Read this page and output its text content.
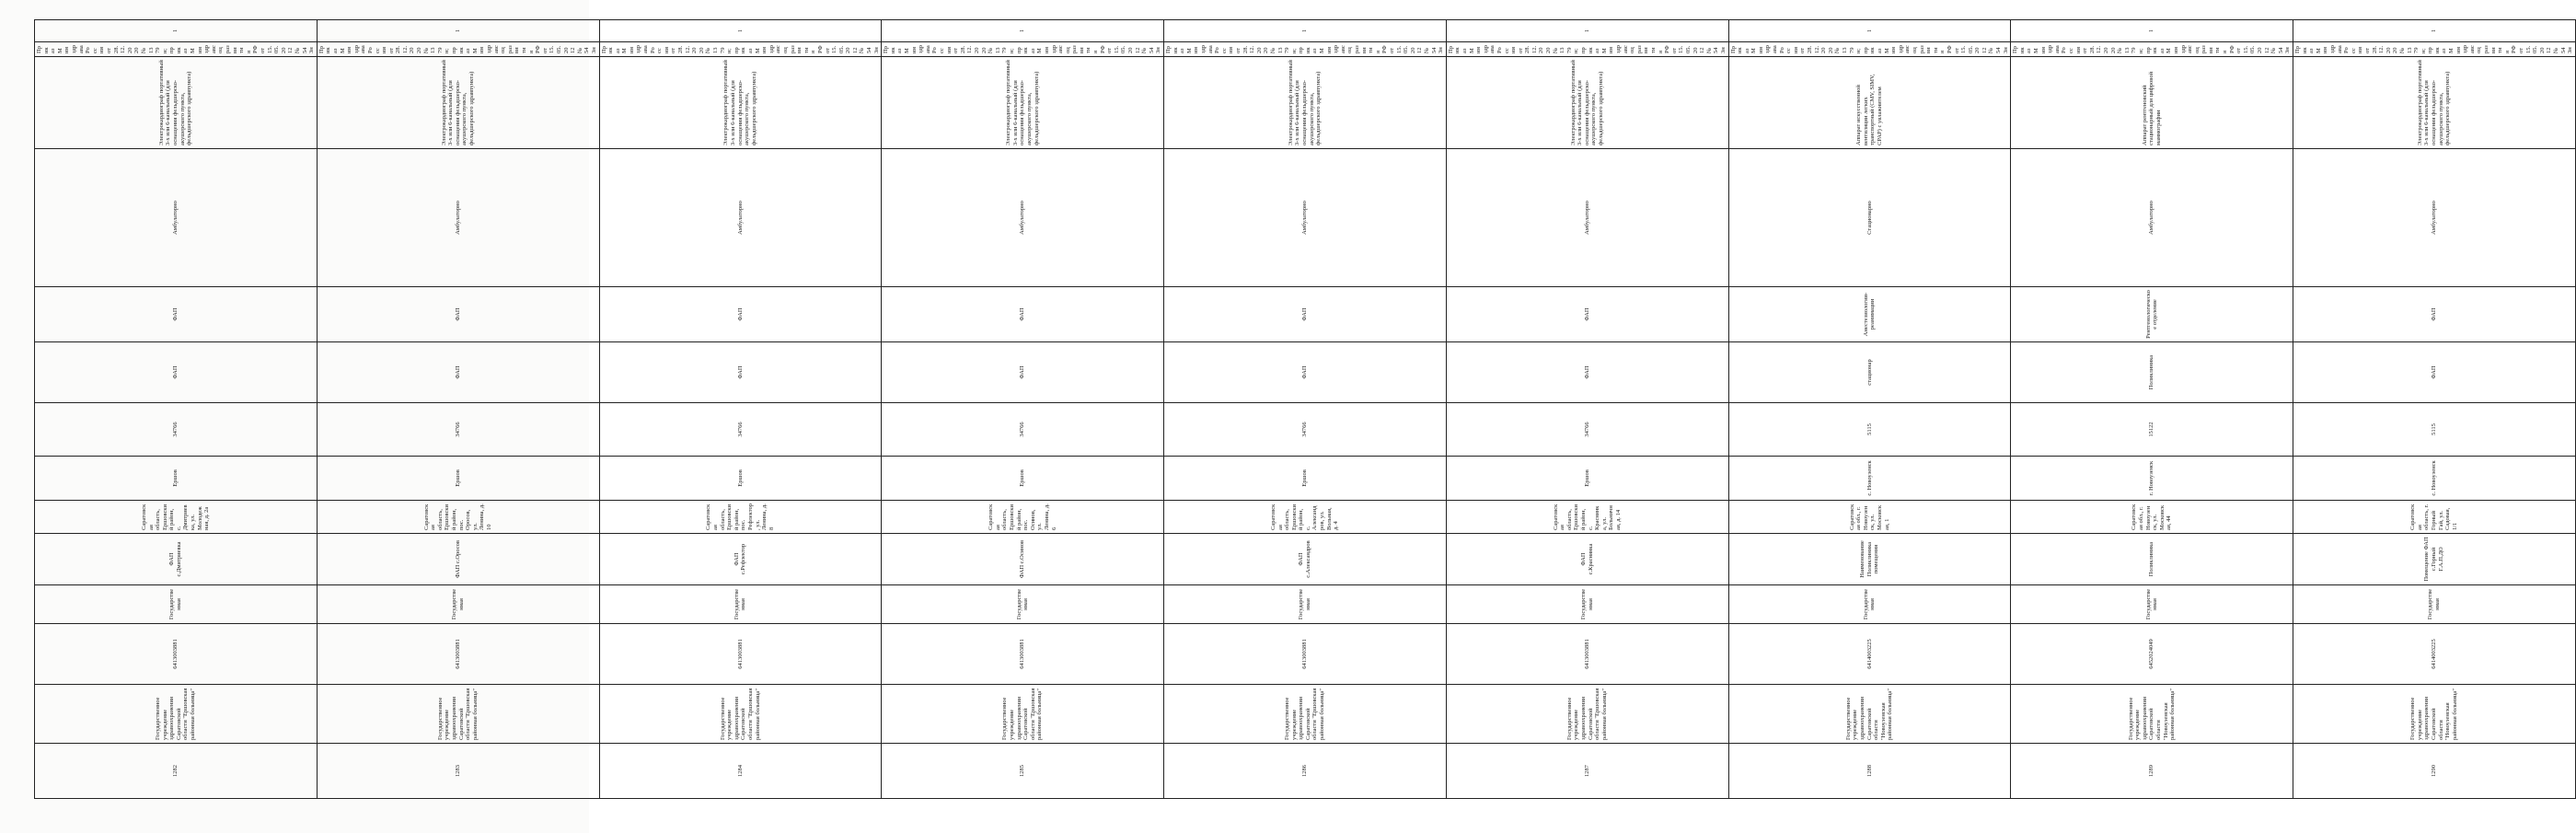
1282	Государственное учреждение здравоохранения Саратовской области "Ершовская районная больница"	6413003881	Государственная	ФАП с.Дмитриевка	Саратовская область, Ершовский район, с. Дмитриевка, ул. Молодежная, д. 2а	Ершов	34766	ФАП	ФАП	Амбулаторно	Электрокардиограф портативный 3-х или 6-канальный (для оснащения фельдшерско-акушерского пункта, фельдшерского здравпункта)	Приказ Минздрава России от 28.12.2020 № 1379н; приказ Минздравсоцразвития РФ от 15.05.2012 № 543н	1	
1283	Государственное учреждение здравоохранения Саратовской области "Ершовская районная больница"	6413003881	Государственная	ФАП с.Оросов	Саратовская область, Ершовский район, пос. Оросов, ул. Ленина, д. 10	Ершов	34766	ФАП	ФАП	Амбулаторно	Электрокардиограф портативный 3-х или 6-канальный (для оснащения фельдшерско-акушерского пункта, фельдшерского здравпункта)	Приказ Минздрава России от 28.12.2020 № 1379н; приказ Минздравсоцразвития РФ от 15.05.2012 № 543н	1	
1284	Государственное учреждение здравоохранения Саратовской области "Ершовская районная больница"	6413003881	Государственная	ФАП с.Рефлектор	Саратовская область, Ершовский район, пос. Рефлектор, ул. Ленина, д. 8	Ершов	34766	ФАП	ФАП	Амбулаторно	Электрокардиограф портативный 3-х или 6-канальный (для оснащения фельдшерско-акушерского пункта, фельдшерского здравпункта)	Приказ Минздрава России от 28.12.2020 № 1379н; приказ Минздравсоцразвития РФ от 15.05.2012 № 543н	1	
1285	Государственное учреждение здравоохранения Саратовской области "Ершовская районная больница"	6413003881	Государственная	ФАП с.Осинов	Саратовская область, Ершовский район, пос. Осинов, ул. Ленина, д. 6	Ершов	34766	ФАП	ФАП	Амбулаторно	Электрокардиограф портативный 3-х или 6-канальный (для оснащения фельдшерско-акушерского пункта, фельдшерского здравпункта)	Приказ Минздрава России от 28.12.2020 № 1379н; приказ Минздравсоцразвития РФ от 15.05.2012 № 543н	1	
1286	Государственное учреждение здравоохранения Саратовской области "Ершовская районная больница"	6413003881	Государственная	ФАП с.Александров	Саратовская область, Ершовский район, с. Александров, ул. Вольная, д. 4	Ершов	34766	ФАП	ФАП	Амбулаторно	Электрокардиограф портативный 3-х или 6-канальный (для оснащения фельдшерско-акушерского пункта, фельдшерского здравпункта)	Приказ Минздрава России от 28.12.2020 № 1379н; приказ Минздравсоцразвития РФ от 15.05.2012 № 543н	1	
1287	Государственное учреждение здравоохранения Саратовской области "Ершовская районная больница"	6413003881	Государственная	ФАП с.Краснянка	Саратовская область, Ершовский район, с. Краснянка, ул. Больничная, д. 14	Ершов	34766	ФАП	ФАП	Амбулаторно	Электрокардиограф портативный 3-х или 6-канальный (для оснащения фельдшерско-акушерского пункта, фельдшерского здравпункта)	Приказ Минздрава России от 28.12.2020 № 1379н; приказ Минздравсоцразвития РФ от 15.05.2012 № 543н	1	
1288	Государственное учреждение здравоохранения Саратовской области "Новоузенская районная больница"	6414003225	Государственная	Наименование Поликлиника помещения	Саратовская обл., г. Новоузенск, ул. Московская, 1	с. Новоузенск	5115	стационар	Анестезиологии-реанимации	Стационарно	Аппарат искусственной вентиляции легких транспортный (CMV, SIMV, CPAP) с увлажнителем	Приказ Минздрава России от 28.12.2020 № 1379н; приказ Минздравсоцразвития РФ от 15.05.2012 № 543н	1	
1289	Государственное учреждение здравоохранения Саратовской области "Новоузенская районная больница"	6452024049	Государственная	Поликлиника	Саратовская обл., г. Новоузенск, ул. Московская, 44	г. Новоузенск	15122	Поликлиника	Рентгенологическое отделение	Амбулаторно	Аппарат рентгеновский стационарный для цифровой маммографии	Приказ Минздрава России от 28.12.2020 № 1379н; приказ Минздравсоцразвития РФ от 15.05.2012 № 543н	1	
1290	Государственное учреждение здравоохранения Саратовской области "Новоузенская районная больница"	6414003225	Государственная	Помещение ФАП с.Горный Г.А.П.ДО	Саратовская область, г. Горный Гай, ул. Садовая, 1/1	с. Новоузенск	5115	ФАП	ФАП	Амбулаторно	Электрокардиограф портативный 3-х или 6-канальный (для оснащения фельдшерско-акушерского пункта, фельдшерского здравпункта)	Приказ Минздрава России от 28.12.2020 № 1379н; приказ Минздравсоцразвития РФ от 15.05.2012 № 543н	1	
